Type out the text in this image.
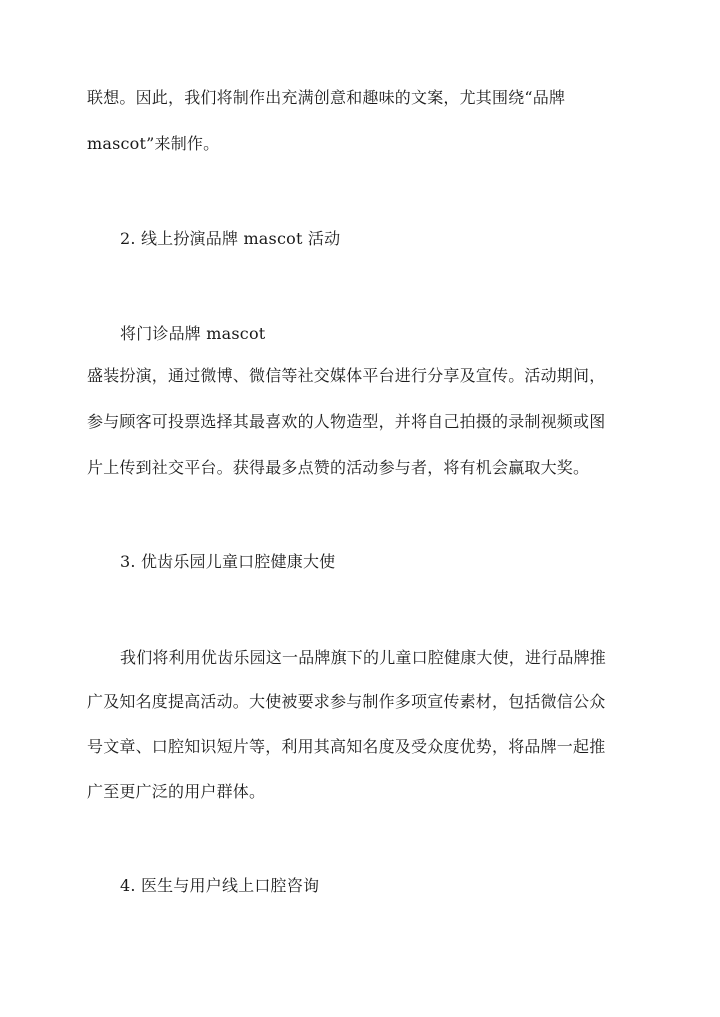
联想。因此，我们将制作出充满创意和趣味的文案，尤其围绕“品牌
mascot”来制作。
2. 线上扮演品牌 mascot 活动
将门诊品牌 mascot
盛装扮演，通过微博、微信等社交媒体平台进行分享及宣传。活动期间，
参与顾客可投票选择其最喜欢的人物造型，并将自己拍摄的录制视频或图
片上传到社交平台。获得最多点赞的活动参与者，将有机会赢取大奖。
3. 优齿乐园儿童口腔健康大使
我们将利用优齿乐园这一品牌旗下的儿童口腔健康大使，进行品牌推
广及知名度提高活动。大使被要求参与制作多项宣传素材，包括微信公众
号文章、口腔知识短片等，利用其高知名度及受众度优势，将品牌一起推
广至更广泛的用户群体。
4. 医生与用户线上口腔咨询
